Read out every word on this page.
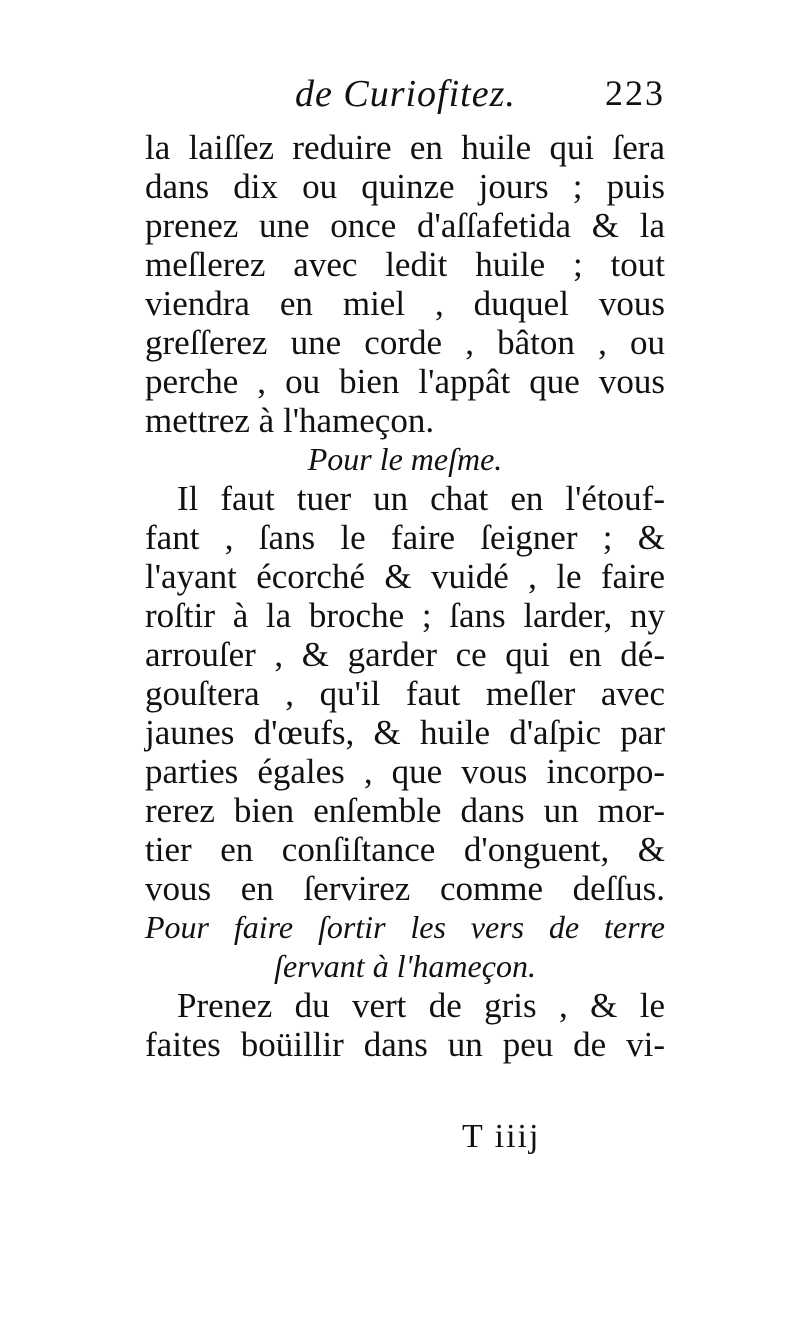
de Curiofitez. 223
la laiſſez reduire en huile qui ſera
dans dix ou quinze jours ; puis
prenez une once d'aſſafetida & la
meſlerez avec ledit huile ; tout
viendra en miel , duquel vous
greſſerez une corde , bâton , ou
perche , ou bien l'appât que vous
mettrez à l'hameçon.
Pour le meſme.
Il faut tuer un chat en l'étouf-
fant , ſans le faire ſeigner ; &
l'ayant écorché & vuidé , le faire
roſtir à la broche ; ſans larder, ny
arrouſer , & garder ce qui en dé-
gouſtera , qu'il faut meſler avec
jaunes d'œufs, & huile d'aſpic par
parties égales , que vous incorpo-
rerez bien enſemble dans un mor-
tier en conſiſtance d'onguent, &
vous en ſervirez comme deſſus.
Pour faire ſortir les vers de terre
ſervant à l'hameçon.
Prenez du vert de gris , & le
faites boüillir dans un peu de vi-
T iiij
